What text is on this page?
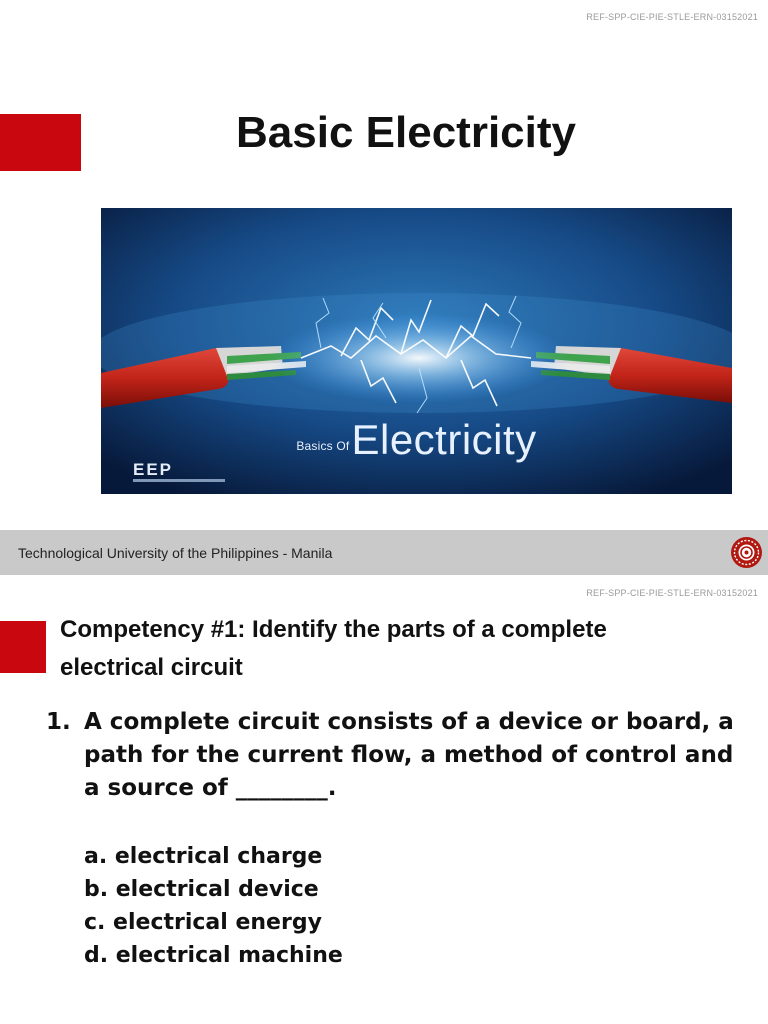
REF-SPP-CIE-PIE-STLE-ERN-03152021
Basic Electricity
$^{Basics Of}$Electricity
EEP
Technological University of the Philippines - Manila
REF-SPP-CIE-PIE-STLE-ERN-03152021
Competency #1: Identify the parts of a complete
electrical circuit
1. A complete circuit consists of a device or board, a path for the current flow, a method of control and a source of ________.
a. electrical charge
b. electrical device
c. electrical energy
d. electrical machine
